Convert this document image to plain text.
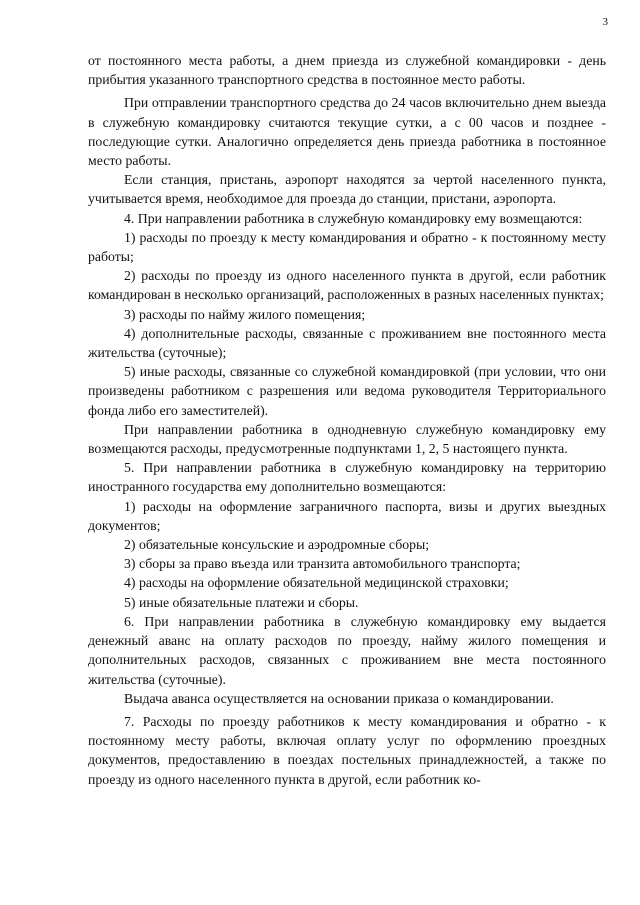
3

от постоянного места работы, а днем приезда из служебной командировки - день прибытия указанного транспортного средства в постоянное место работы.

При отправлении транспортного средства до 24 часов включительно днем выезда в служебную командировку считаются текущие сутки, а с 00 часов и позднее - последующие сутки. Аналогично определяется день приезда работника в постоянное место работы.

Если станция, пристань, аэропорт находятся за чертой населенного пункта, учитывается время, необходимое для проезда до станции, пристани, аэропорта.

4. При направлении работника в служебную командировку ему возмещаются:

1) расходы по проезду к месту командирования и обратно - к постоянному месту работы;

2) расходы по проезду из одного населенного пункта в другой, если работник командирован в несколько организаций, расположенных в разных населенных пунктах;

3) расходы по найму жилого помещения;

4) дополнительные расходы, связанные с проживанием вне постоянного места жительства (суточные);

5) иные расходы, связанные со служебной командировкой (при условии, что они произведены работником с разрешения или ведома руководителя Территориального фонда либо его заместителей).

При направлении работника в однодневную служебную командировку ему возмещаются расходы, предусмотренные подпунктами 1, 2, 5 настоящего пункта.

5. При направлении работника в служебную командировку на территорию иностранного государства ему дополнительно возмещаются:

1) расходы на оформление заграничного паспорта, визы и других выездных документов;

2) обязательные консульские и аэродромные сборы;

3) сборы за право въезда или транзита автомобильного транспорта;

4) расходы на оформление обязательной медицинской страховки;

5) иные обязательные платежи и сборы.

6. При направлении работника в служебную командировку ему выдается денежный аванс на оплату расходов по проезду, найму жилого помещения и дополнительных расходов, связанных с проживанием вне места постоянного жительства (суточные).

Выдача аванса осуществляется на основании приказа о командировании.

7. Расходы по проезду работников к месту командирования и обратно - к постоянному месту работы, включая оплату услуг по оформлению проездных документов, предоставлению в поездах постельных принадлежностей, а также по проезду из одного населенного пункта в другой, если работник ко-
